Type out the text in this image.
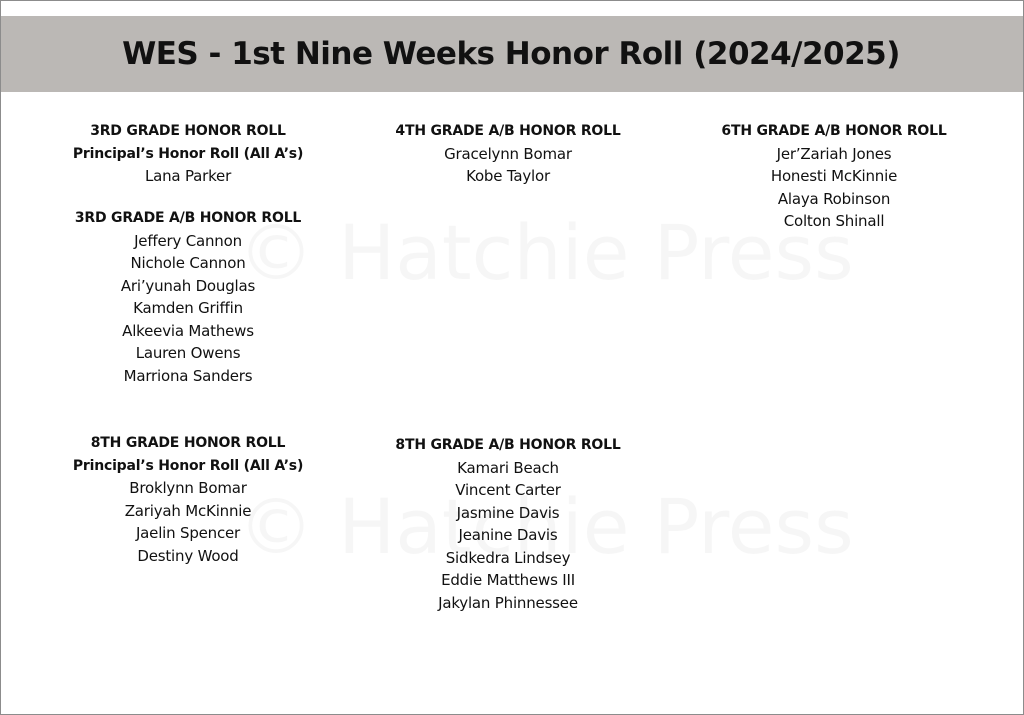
WES - 1st Nine Weeks Honor Roll (2024/2025)
3RD GRADE HONOR ROLL
Principal’s Honor Roll (All A’s)
Lana Parker
3RD GRADE A/B HONOR ROLL
Jeffery Cannon
Nichole Cannon
Ari’yunah Douglas
Kamden Griffin
Alkeevia Mathews
Lauren Owens
Marriona Sanders
4TH GRADE A/B HONOR ROLL
Gracelynn Bomar
Kobe Taylor
6TH GRADE A/B HONOR ROLL
Jer’Zariah Jones
Honesti McKinnie
Alaya Robinson
Colton Shinall
8TH GRADE HONOR ROLL
Principal’s Honor Roll (All A’s)
Broklynn Bomar
Zariyah McKinnie
Jaelin Spencer
Destiny Wood
8TH GRADE A/B HONOR ROLL
Kamari Beach
Vincent Carter
Jasmine Davis
Jeanine Davis
Sidkedra Lindsey
Eddie Matthews III
Jakylan Phinnessee
